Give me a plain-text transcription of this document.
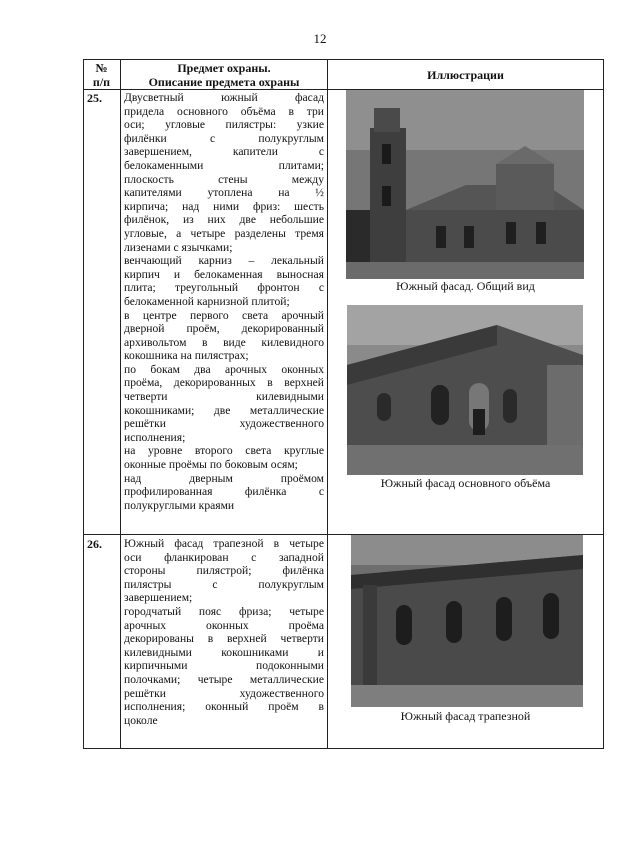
12
№
п/п
Предмет охраны.
Описание предмета охраны	Иллюстрации
25. Двусветный южный фасад

придела основного объёма в три

оси; угловые пилястры: узкие

филёнки с полукруглым

завершением, капители с

белокаменными плитами;

плоскость стены между

капителями утоплена на ½

кирпича; над ними фриз: шесть

филёнок, из них две небольшие

угловые, а четыре разделены тремя

лизенами с язычками;

венчающий карниз – лекальный

кирпич и белокаменная выносная

плита; треугольный фронтон с

белокаменной карнизной плитой;

в центре первого света арочный

дверной проём, декорированный

архивольтом в виде килевидного

кокошника на пилястрах;

по бокам два арочных оконных

проёма, декорированных в верхней

четверти килевидными

кокошниками; две металлические

решётки художественного

исполнения;

на уровне второго света круглые

оконные проёмы по боковым осям;

над дверным проёмом

профилированная филёнка с

полукруглыми краями

Южный фасад. Общий вид
Южный фасад основного объёма
26. Южный фасад трапезной в четыре

оси фланкирован с западной

стороны пилястрой; филёнка

пилястры с полукруглым

завершением;

городчатый пояс фриза; четыре

арочных оконных проёма

декорированы в верхней четверти

килевидными кокошниками и

кирпичными подоконными

полочками; четыре металлические

решётки художественного

исполнения; оконный проём в

цоколе	Южный фасад трапезной
